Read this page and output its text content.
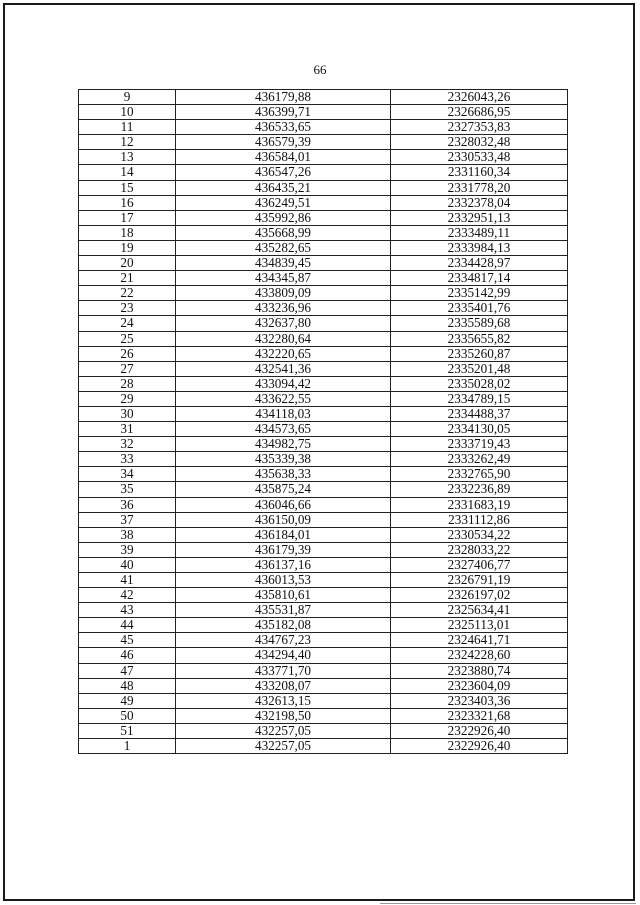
66
9	436179,88	2326043,26
10	436399,71	2326686,95
11	436533,65	2327353,83
12	436579,39	2328032,48
13	436584,01	2330533,48
14	436547,26	2331160,34
15	436435,21	2331778,20
16	436249,51	2332378,04
17	435992,86	2332951,13
18	435668,99	2333489,11
19	435282,65	2333984,13
20	434839,45	2334428,97
21	434345,87	2334817,14
22	433809,09	2335142,99
23	433236,96	2335401,76
24	432637,80	2335589,68
25	432280,64	2335655,82
26	432220,65	2335260,87
27	432541,36	2335201,48
28	433094,42	2335028,02
29	433622,55	2334789,15
30	434118,03	2334488,37
31	434573,65	2334130,05
32	434982,75	2333719,43
33	435339,38	2333262,49
34	435638,33	2332765,90
35	435875,24	2332236,89
36	436046,66	2331683,19
37	436150,09	2331112,86
38	436184,01	2330534,22
39	436179,39	2328033,22
40	436137,16	2327406,77
41	436013,53	2326791,19
42	435810,61	2326197,02
43	435531,87	2325634,41
44	435182,08	2325113,01
45	434767,23	2324641,71
46	434294,40	2324228,60
47	433771,70	2323880,74
48	433208,07	2323604,09
49	432613,15	2323403,36
50	432198,50	2323321,68
51	432257,05	2322926,40
1	432257,05	2322926,40
